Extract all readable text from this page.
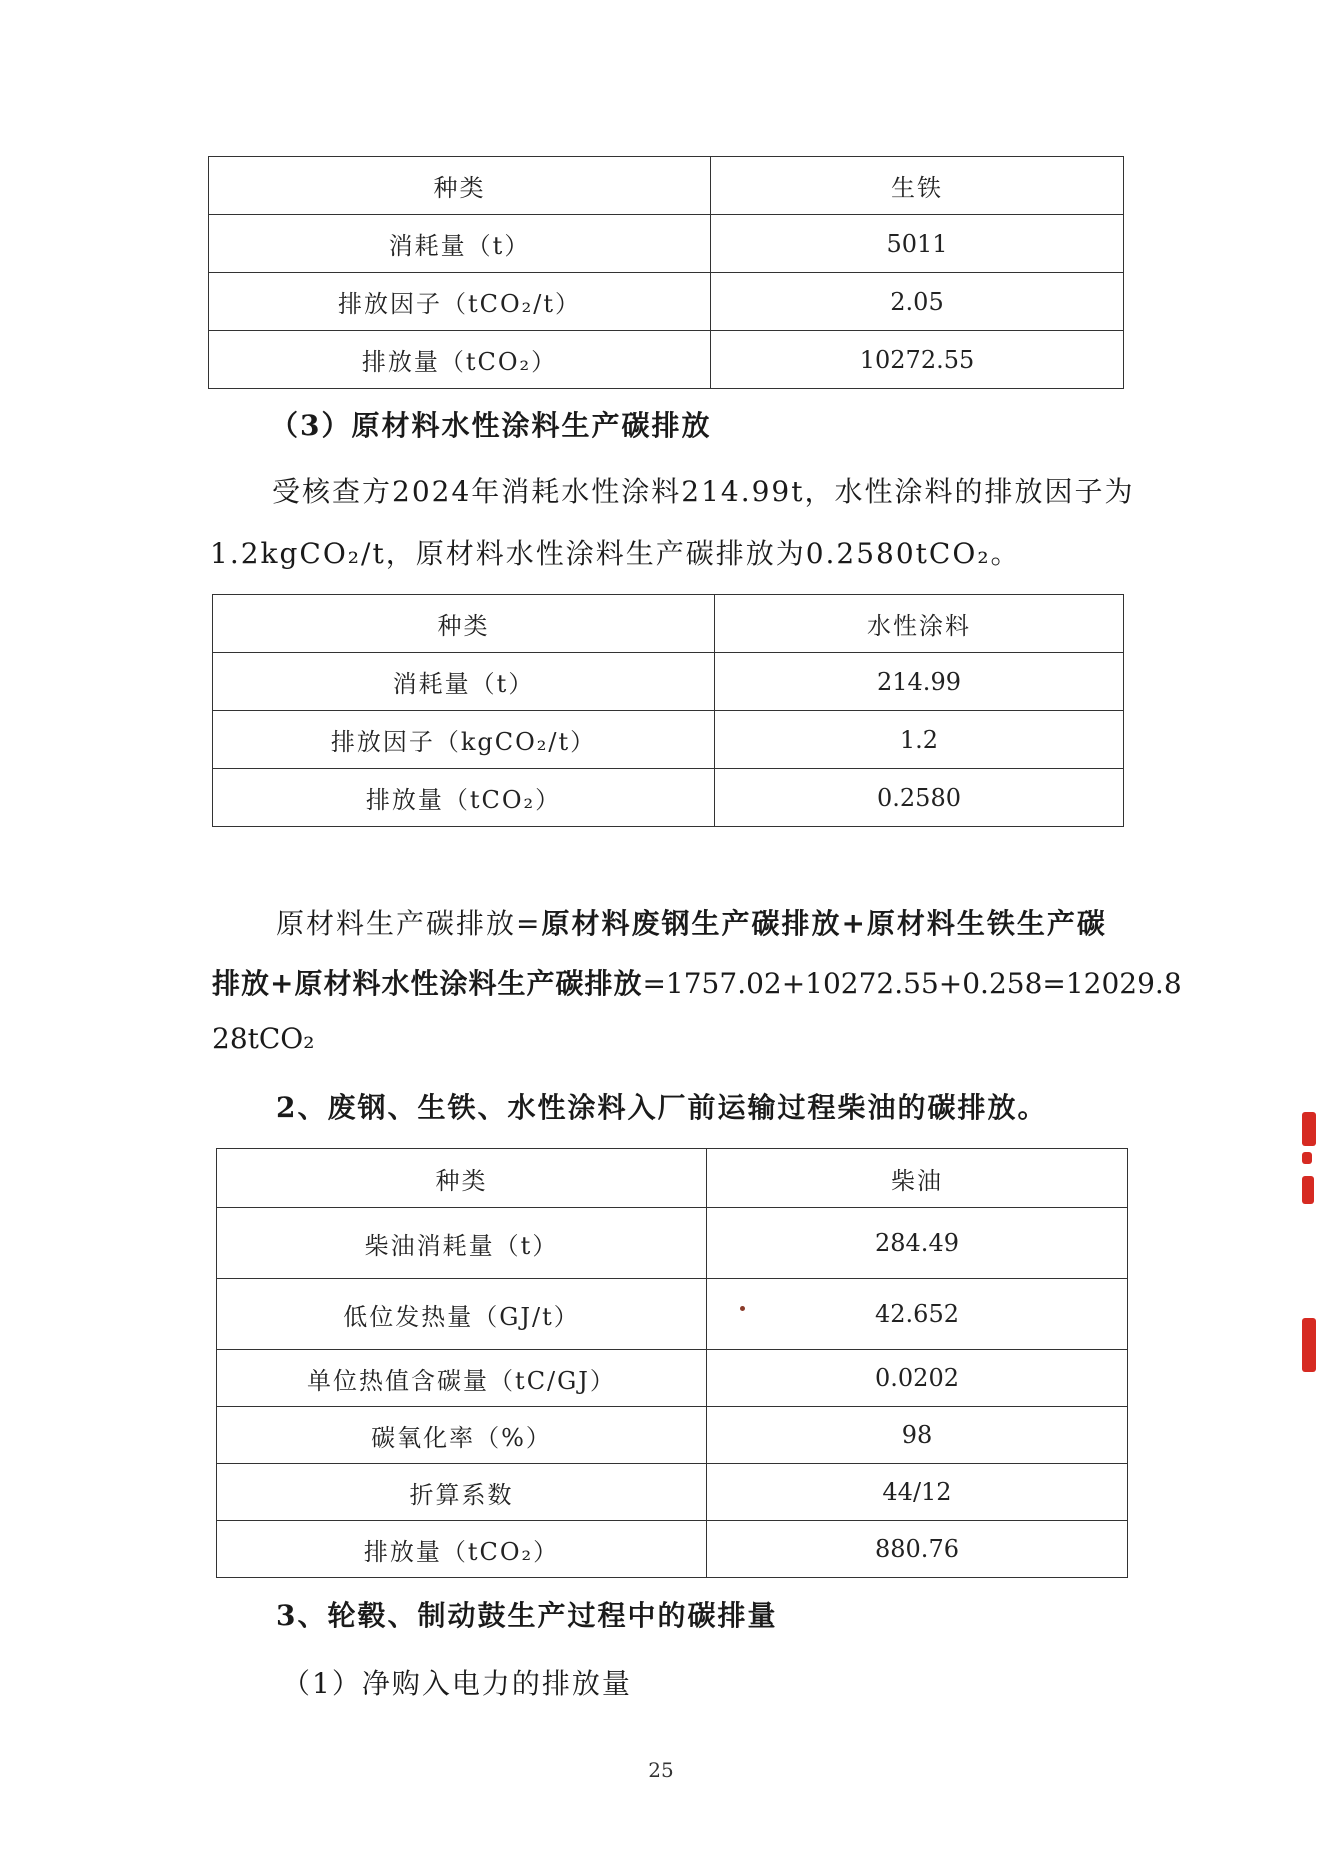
种类	生铁
消耗量（t）	5011
排放因子（tCO₂/t）	2.05
排放量（tCO₂）	10272.55
（3）原材料水性涂料生产碳排放
受核查方2024年消耗水性涂料214.99t，水性涂料的排放因子为
1.2kgCO₂/t，原材料水性涂料生产碳排放为0.2580tCO₂。
种类	水性涂料
消耗量（t）	214.99
排放因子（kgCO₂/t）	1.2
排放量（tCO₂）	0.2580
原材料生产碳排放=原材料废钢生产碳排放+原材料生铁生产碳
排放+原材料水性涂料生产碳排放=1757.02+10272.55+0.258=12029.8
28tCO₂
2、废钢、生铁、水性涂料入厂前运输过程柴油的碳排放。
种类	柴油
柴油消耗量（t）	284.49
低位发热量（GJ/t）	42.652
单位热值含碳量（tC/GJ）	0.0202
碳氧化率（%）	98
折算系数	44/12
排放量（tCO₂）	880.76
3、轮毂、制动鼓生产过程中的碳排量
（1）净购入电力的排放量
25
